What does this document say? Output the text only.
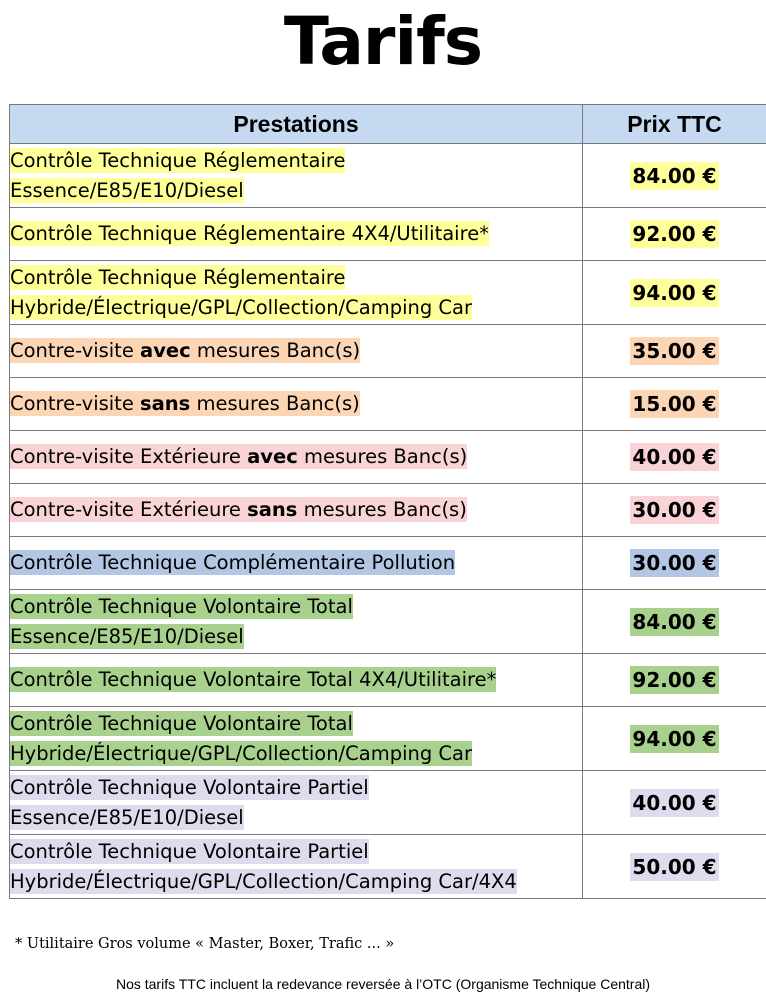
Tarifs
Prestations	Prix TTC
Contrôle Technique Réglementaire
Essence/E85/E10/Diesel	84.00 €
Contrôle Technique Réglementaire 4X4/Utilitaire*	92.00 €
Contrôle Technique Réglementaire
Hybride/Électrique/GPL/Collection/Camping Car	94.00 €
Contre-visite avec mesures Banc(s)	35.00 €
Contre-visite sans mesures Banc(s)	15.00 €
Contre-visite Extérieure avec mesures Banc(s)	40.00 €
Contre-visite Extérieure sans mesures Banc(s)	30.00 €
Contrôle Technique Complémentaire Pollution	30.00 €
Contrôle Technique Volontaire Total
Essence/E85/E10/Diesel	84.00 €
Contrôle Technique Volontaire Total 4X4/Utilitaire*	92.00 €
Contrôle Technique Volontaire Total
Hybride/Électrique/GPL/Collection/Camping Car	94.00 €
Contrôle Technique Volontaire Partiel
Essence/E85/E10/Diesel	40.00 €
Contrôle Technique Volontaire Partiel
Hybride/Électrique/GPL/Collection/Camping Car/4X4	50.00 €
* Utilitaire Gros volume « Master, Boxer, Trafic ... »
Nos tarifs TTC incluent la redevance reversée à l’OTC (Organisme Technique Central)
